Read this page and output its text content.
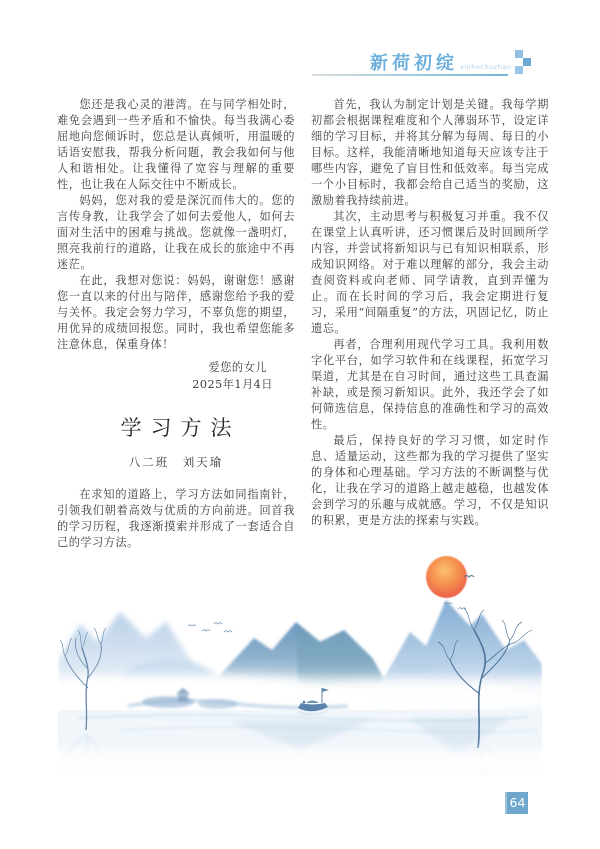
新荷初绽 xinhechuzhan

您还是我心灵的港湾。在与同学相处时，难免会遇到一些矛盾和不愉快。每当我满心委屈地向您倾诉时，您总是认真倾听，用温暖的话语安慰我，帮我分析问题，教会我如何与他人和谐相处。让我懂得了宽容与理解的重要性，也让我在人际交往中不断成长。

妈妈，您对我的爱是深沉而伟大的。您的言传身教，让我学会了如何去爱他人，如何去面对生活中的困难与挑战。您就像一盏明灯，照亮我前行的道路，让我在成长的旅途中不再迷茫。

在此，我想对您说：妈妈，谢谢您！感谢您一直以来的付出与陪伴，感谢您给予我的爱与关怀。我定会努力学习，不辜负您的期望，用优异的成绩回报您。同时，我也希望您能多注意休息，保重身体！

爱您的女儿

2025年1月4日

学习方法

八二班　刘天瑜

在求知的道路上，学习方法如同指南针，引领我们朝着高效与优质的方向前进。回首我的学习历程，我逐渐摸索并形成了一套适合自己的学习方法。

首先，我认为制定计划是关键。我每学期初都会根据课程难度和个人薄弱环节，设定详细的学习目标，并将其分解为每周、每日的小目标。这样，我能清晰地知道每天应该专注于哪些内容，避免了盲目性和低效率。每当完成一个小目标时，我都会给自己适当的奖励，这激励着我持续前进。

其次，主动思考与积极复习并重。我不仅在课堂上认真听讲，还习惯课后及时回顾所学内容，并尝试将新知识与已有知识相联系，形成知识网络。对于难以理解的部分，我会主动查阅资料或向老师、同学请教，直到弄懂为止。而在长时间的学习后，我会定期进行复习，采用“间隔重复”的方法，巩固记忆，防止遗忘。

再者，合理利用现代学习工具。我利用数字化平台，如学习软件和在线课程，拓宽学习渠道，尤其是在自习时间，通过这些工具查漏补缺，或是预习新知识。此外，我还学会了如何筛选信息，保持信息的准确性和学习的高效性。

最后，保持良好的学习习惯，如定时作息、适量运动，这些都为我的学习提供了坚实的身体和心理基础。学习方法的不断调整与优化，让我在学习的道路上越走越稳，也越发体会到学习的乐趣与成就感。学习，不仅是知识的积累，更是方法的探索与实践。

64
